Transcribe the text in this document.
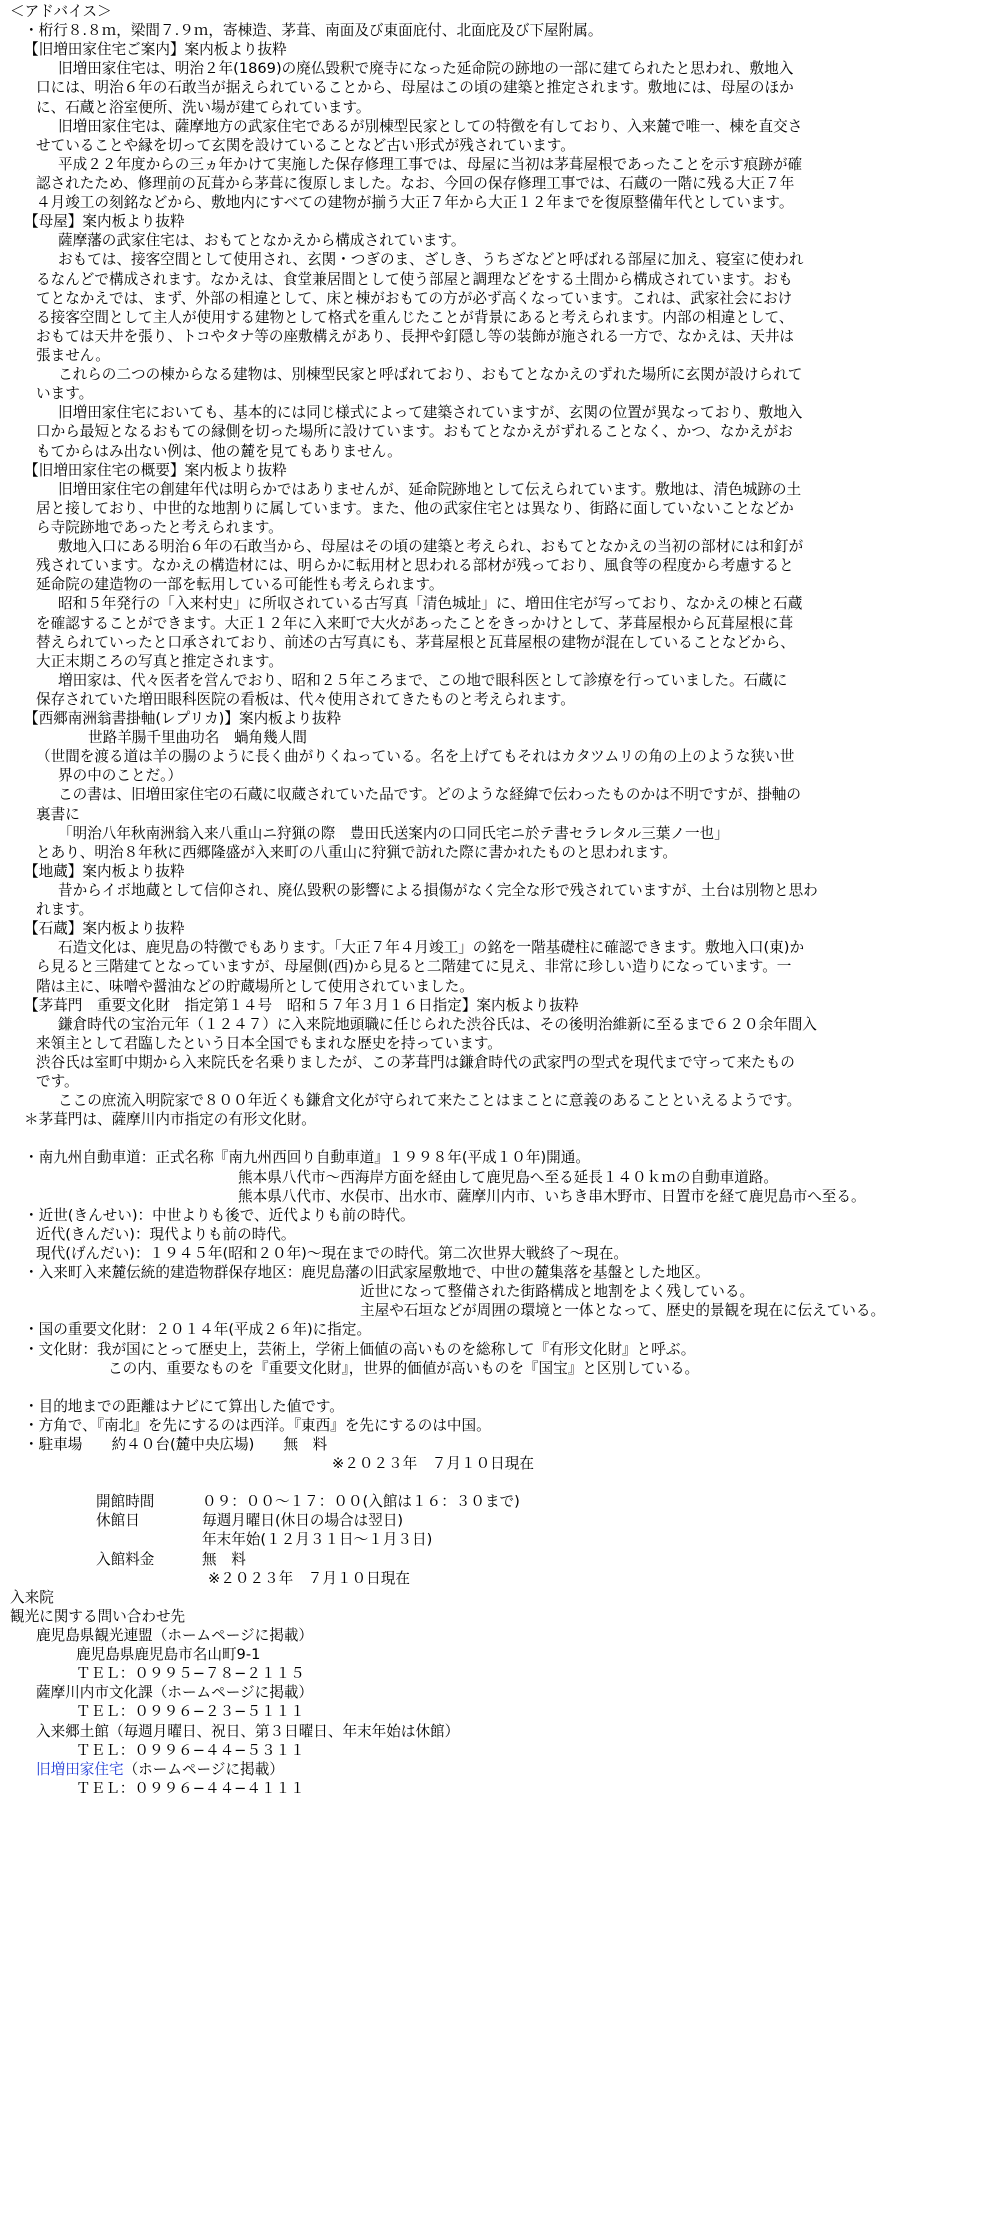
＜アドバイス＞
・桁行８.８ｍ，梁間７.９ｍ，寄棟造、茅葺、南面及び東面庇付、北面庇及び下屋附属。
【旧増田家住宅ご案内】案内板より抜粋
旧増田家住宅は、明治２年(1869)の廃仏毀釈で廃寺になった延命院の跡地の一部に建てられたと思われ、敷地入
口には、明治６年の石敢当が据えられていることから、母屋はこの頃の建築と推定されます。敷地には、母屋のほか
に、石蔵と浴室便所、洗い場が建てられています。
旧増田家住宅は、薩摩地方の武家住宅であるが別棟型民家としての特徴を有しており、入来麓で唯一、棟を直交さ
せていることや縁を切って玄関を設けていることなど古い形式が残されています。
平成２２年度からの三ヵ年かけて実施した保存修理工事では、母屋に当初は茅葺屋根であったことを示す痕跡が確
認されたため、修理前の瓦葺から茅葺に復原しました。なお、今回の保存修理工事では、石蔵の一階に残る大正７年
４月竣工の刻銘などから、敷地内にすべての建物が揃う大正７年から大正１２年までを復原整備年代としています。
【母屋】案内板より抜粋
薩摩藩の武家住宅は、おもてとなかえから構成されています。
おもては、接客空間として使用され、玄関・つぎのま、ざしき、うちざなどと呼ばれる部屋に加え、寝室に使われ
るなんどで構成されます。なかえは、食堂兼居間として使う部屋と調理などをする土間から構成されています。おも
てとなかえでは、まず、外部の相違として、床と棟がおもての方が必ず高くなっています。これは、武家社会におけ
る接客空間として主人が使用する建物として格式を重んじたことが背景にあると考えられます。内部の相違として、
おもては天井を張り、トコやタナ等の座敷構えがあり、長押や釘隠し等の装飾が施される一方で、なかえは、天井は
張ません。
これらの二つの棟からなる建物は、別棟型民家と呼ばれており、おもてとなかえのずれた場所に玄関が設けられて
います。
旧増田家住宅においても、基本的には同じ様式によって建築されていますが、玄関の位置が異なっており、敷地入
口から最短となるおもての縁側を切った場所に設けています。おもてとなかえがずれることなく、かつ、なかえがお
もてからはみ出ない例は、他の麓を見てもありません。
【旧増田家住宅の概要】案内板より抜粋
旧増田家住宅の創建年代は明らかではありませんが、延命院跡地として伝えられています。敷地は、清色城跡の土
居と接しており、中世的な地割りに属しています。また、他の武家住宅とは異なり、街路に面していないことなどか
ら寺院跡地であったと考えられます。
敷地入口にある明治６年の石敢当から、母屋はその頃の建築と考えられ、おもてとなかえの当初の部材には和釘が
残されています。なかえの構造材には、明らかに転用材と思われる部材が残っており、風食等の程度から考慮すると
延命院の建造物の一部を転用している可能性も考えられます。
昭和５年発行の「入来村史」に所収されている古写真「清色城址」に、増田住宅が写っており、なかえの棟と石蔵
を確認することができます。大正１２年に入来町で大火があったことをきっかけとして、茅葺屋根から瓦葺屋根に葺
替えられていったと口承されており、前述の古写真にも、茅葺屋根と瓦葺屋根の建物が混在していることなどから、
大正末期ころの写真と推定されます。
増田家は、代々医者を営んでおり、昭和２５年ころまで、この地で眼科医として診療を行っていました。石蔵に
保存されていた増田眼科医院の看板は、代々使用されてきたものと考えられます。
【西郷南洲翁書掛軸(レプリカ)】案内板より抜粋
世路羊腸千里曲功名　蝸角幾人間
（世間を渡る道は羊の腸のように長く曲がりくねっている。名を上げてもそれはカタツムリの角の上のような狭い世
界の中のことだ。）
この書は、旧増田家住宅の石蔵に収蔵されていた品です。どのような経緯で伝わったものかは不明ですが、掛軸の
裏書に
「明治八年秋南洲翁入来八重山ニ狩猟の際　豊田氏送案内の口同氏宅ニ於テ書セラレタル三葉ノ一也」
とあり、明治８年秋に西郷隆盛が入来町の八重山に狩猟で訪れた際に書かれたものと思われます。
【地蔵】案内板より抜粋
昔からイボ地蔵として信仰され、廃仏毀釈の影響による損傷がなく完全な形で残されていますが、土台は別物と思わ
れます。
【石蔵】案内板より抜粋
石造文化は、鹿児島の特徴でもあります。「大正７年４月竣工」の銘を一階基礎柱に確認できます。敷地入口(東)か
ら見ると三階建てとなっていますが、母屋側(西)から見ると二階建てに見え、非常に珍しい造りになっています。一
階は主に、味噌や醤油などの貯蔵場所として使用されていました。
【茅葺門　重要文化財　指定第１４号　昭和５７年３月１６日指定】案内板より抜粋
鎌倉時代の宝治元年（１２４７）に入来院地頭職に任じられた渋谷氏は、その後明治維新に至るまで６２０余年間入
来領主として君臨したという日本全国でもまれな歴史を持っています。
渋谷氏は室町中期から入来院氏を名乗りましたが、この茅葺門は鎌倉時代の武家門の型式を現代まで守って来たもの
です。
ここの庶流入明院家で８００年近くも鎌倉文化が守られて来たことはまことに意義のあることといえるようです。
＊茅葺門は、薩摩川内市指定の有形文化財。
・南九州自動車道：正式名称『南九州西回り自動車道』１９９８年(平成１０年)開通。
熊本県八代市〜西海岸方面を経由して鹿児島へ至る延長１４０ｋｍの自動車道路。
熊本県八代市、水俣市、出水市、薩摩川内市、いちき串木野市、日置市を経て鹿児島市へ至る。
・近世(きんせい)：中世よりも後で、近代よりも前の時代。
近代(きんだい)：現代よりも前の時代。
現代(げんだい)：１９４５年(昭和２０年)〜現在までの時代。第二次世界大戦終了〜現在。
・入来町入来麓伝統的建造物群保存地区：鹿児島藩の旧武家屋敷地で、中世の麓集落を基盤とした地区。
近世になって整備された街路構成と地割をよく残している。
主屋や石垣などが周囲の環境と一体となって、歴史的景観を現在に伝えている。
・国の重要文化財：２０１４年(平成２６年)に指定。
・文化財：我が国にとって歴史上，芸術上，学術上価値の高いものを総称して『有形文化財』と呼ぶ。
この内、重要なものを『重要文化財』，世界的価値が高いものを『国宝』と区別している。
・目的地までの距離はナビにて算出した値です。
・方角で、『南北』を先にするのは西洋。『東西』を先にするのは中国。
・駐車場　　約４０台(麓中央広場)　　無　料
※２０２３年　７月１０日現在
開館時間	０９：００〜１７：００(入館は１６：３０まで)
休館日	毎週月曜日(休日の場合は翌日)
年末年始(１２月３１日〜１月３日)
入館料金	無　料
※２０２３年　７月１０日現在
入来院
観光に関する問い合わせ先
鹿児島県観光連盟（ホームページに掲載）
鹿児島県鹿児島市名山町9-1
ＴＥＬ：０９９５−７８−２１１５
薩摩川内市文化課（ホームページに掲載）
ＴＥＬ：０９９６−２３−５１１１
入来郷土館（毎週月曜日、祝日、第３日曜日、年末年始は休館）
ＴＥＬ：０９９６−４４−５３１１
旧増田家住宅（ホームページに掲載）
ＴＥＬ：０９９６−４４−４１１１
